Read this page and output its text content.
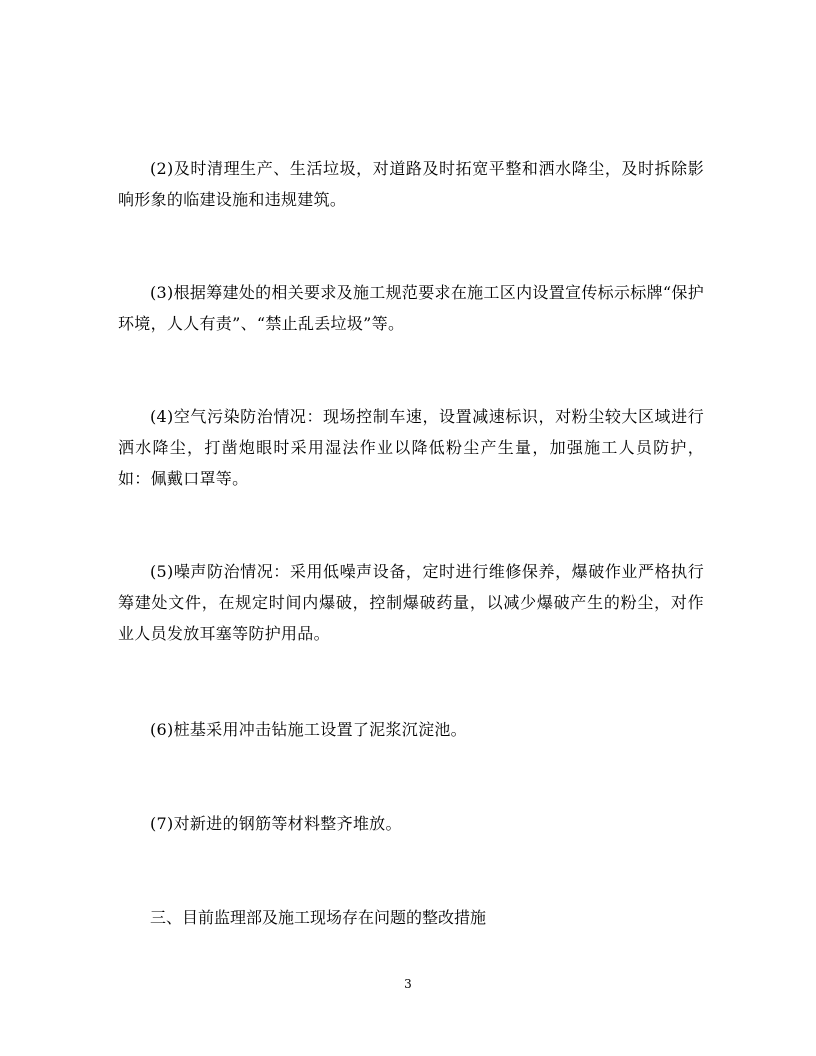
(2)及时清理生产、生活垃圾，对道路及时拓宽平整和洒水降尘，及时拆除影响形象的临建设施和违规建筑。

(3)根据筹建处的相关要求及施工规范要求在施工区内设置宣传标示标牌“保护环境，人人有责”、“禁止乱丢垃圾”等。

(4)空气污染防治情况：现场控制车速，设置减速标识，对粉尘较大区域进行洒水降尘，打凿炮眼时采用湿法作业以降低粉尘产生量，加强施工人员防护，如：佩戴口罩等。

(5)噪声防治情况：采用低噪声设备，定时进行维修保养，爆破作业严格执行筹建处文件，在规定时间内爆破，控制爆破药量，以减少爆破产生的粉尘，对作业人员发放耳塞等防护用品。

(6)桩基采用冲击钻施工设置了泥浆沉淀池。

(7)对新进的钢筋等材料整齐堆放。

三、目前监理部及施工现场存在问题的整改措施

3
